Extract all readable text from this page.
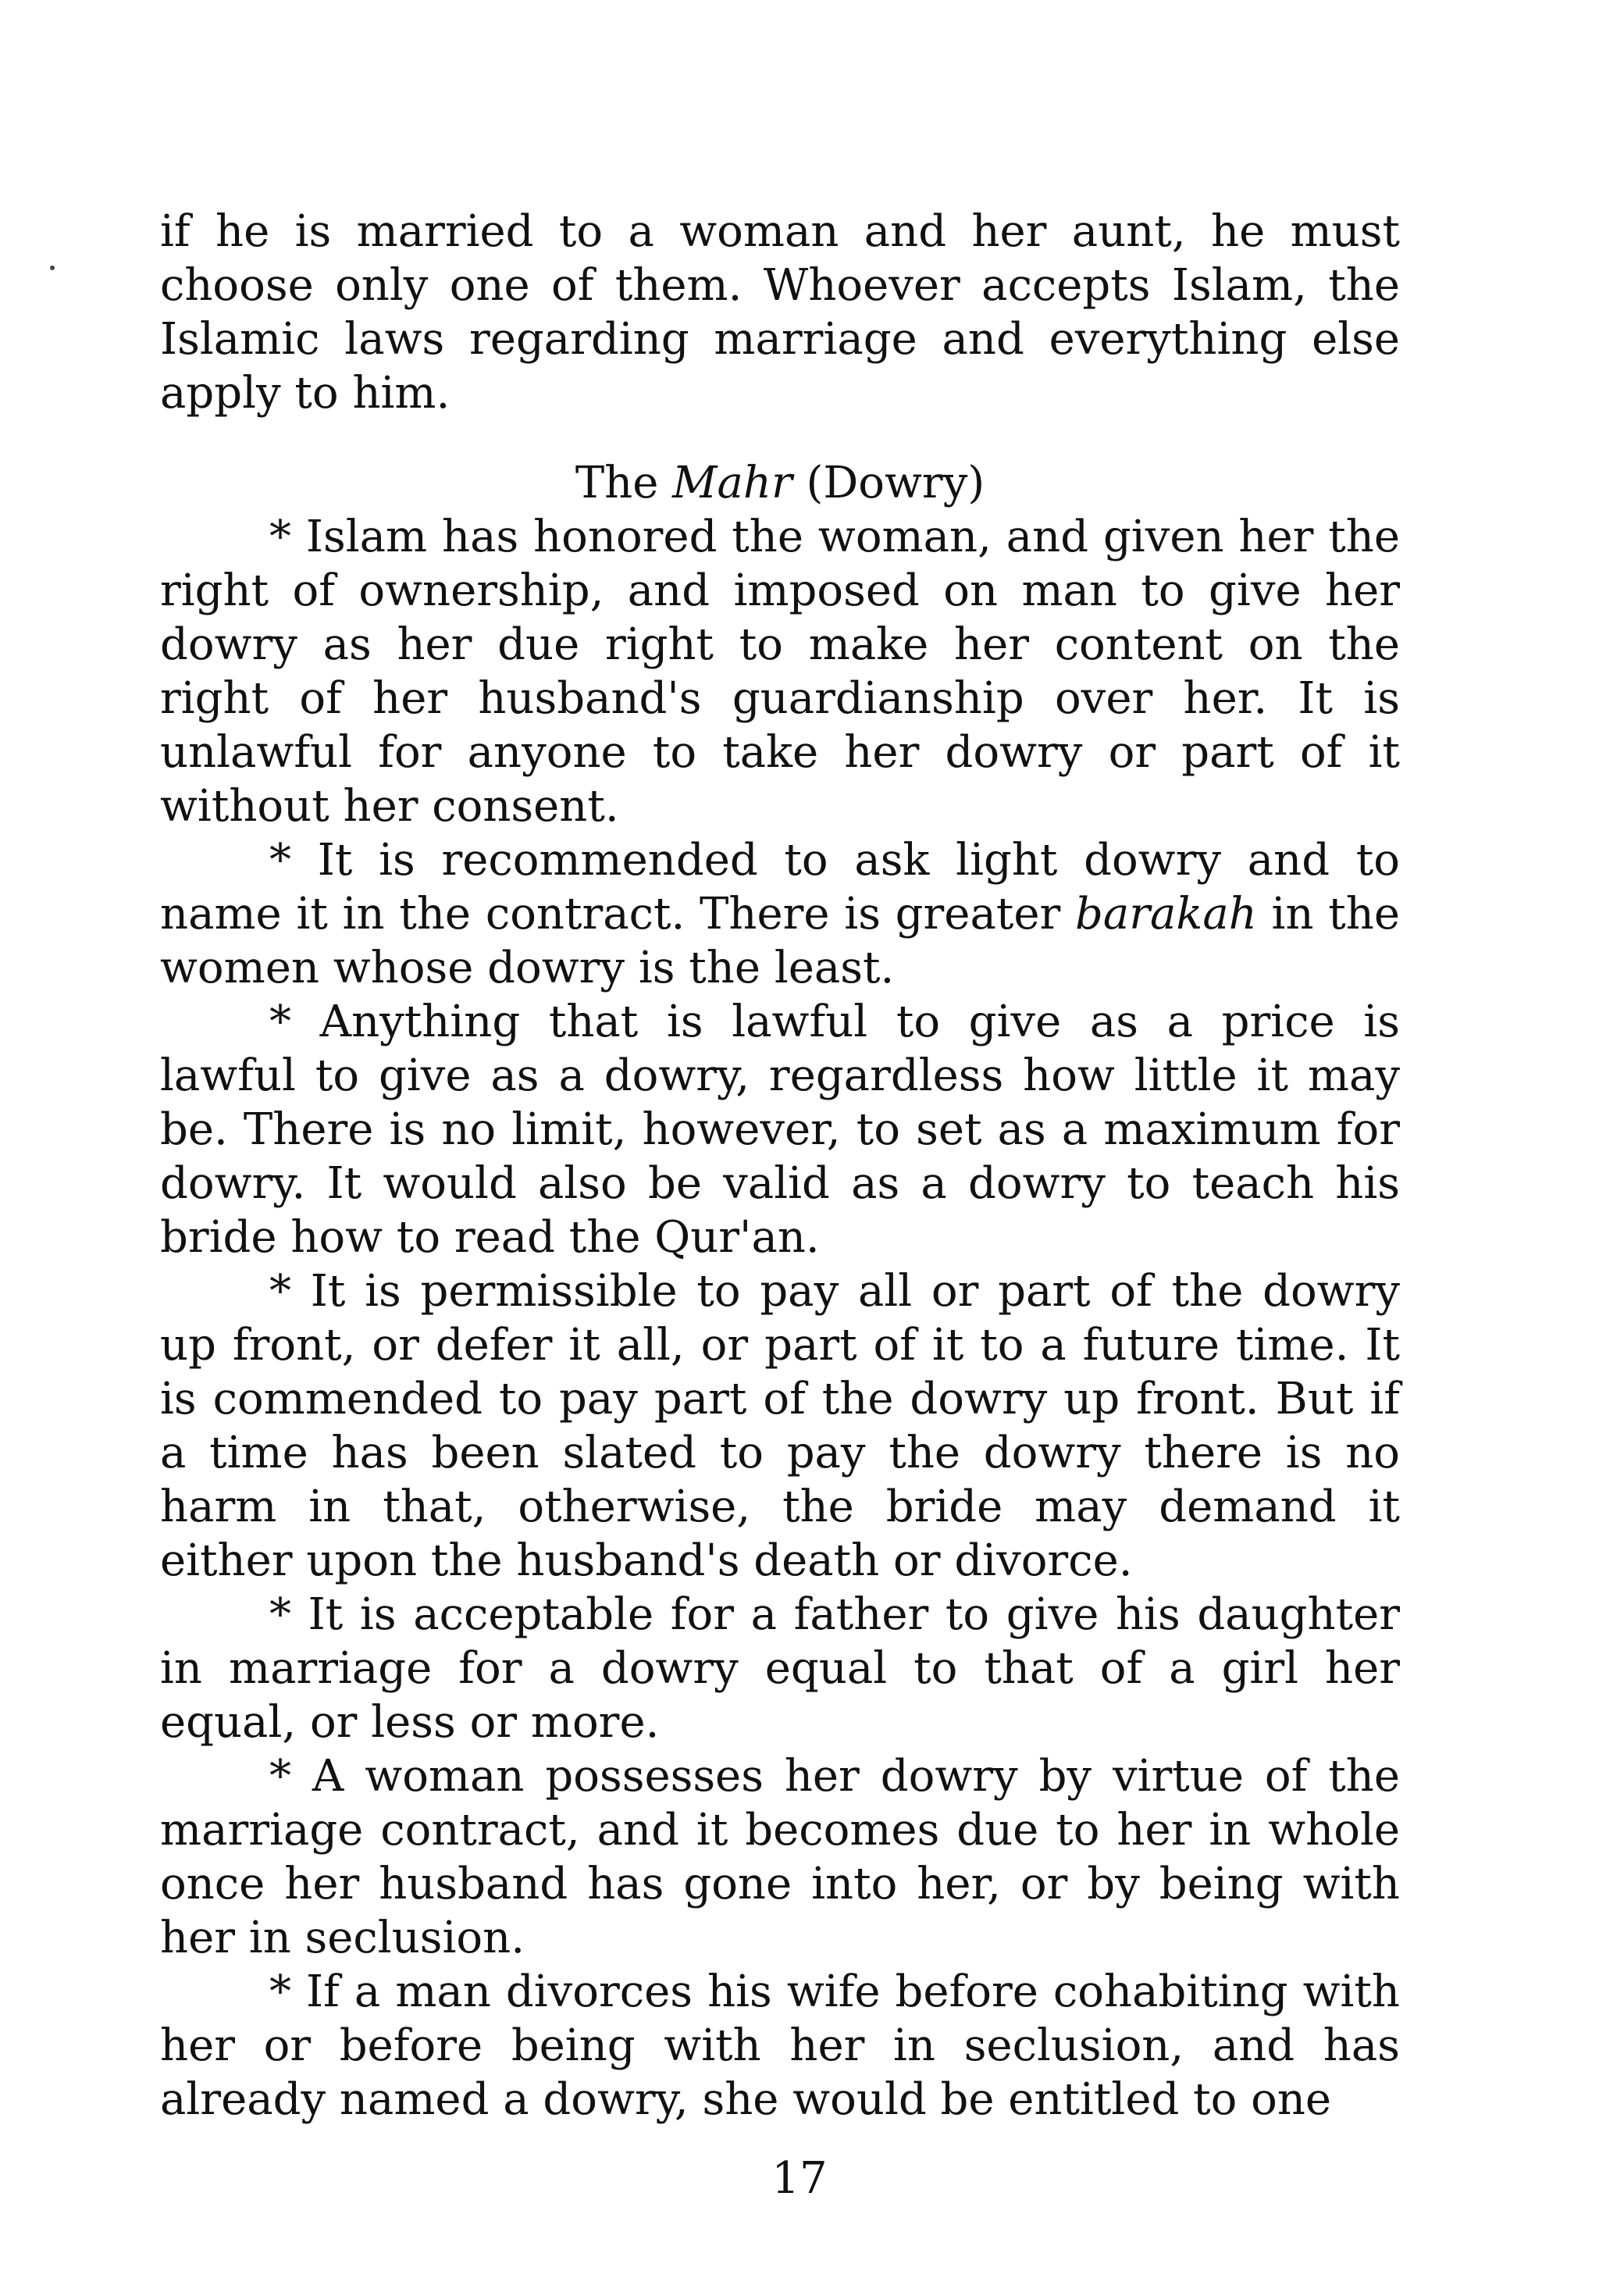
if he is married to a woman and her aunt, he must choose only one of them. Whoever accepts Islam, the Islamic laws regarding marriage and everything else apply to him.

The Mahr (Dowry)

* Islam has honored the woman, and given her the right of ownership, and imposed on man to give her dowry as her due right to make her content on the right of her husband's guardianship over her. It is unlawful for anyone to take her dowry or part of it without her consent.

* It is recommended to ask light dowry and to name it in the contract. There is greater barakah in the women whose dowry is the least.

* Anything that is lawful to give as a price is lawful to give as a dowry, regardless how little it may be. There is no limit, however, to set as a maximum for dowry. It would also be valid as a dowry to teach his bride how to read the Qur'an.

* It is permissible to pay all or part of the dowry up front, or defer it all, or part of it to a future time. It is commended to pay part of the dowry up front. But if a time has been slated to pay the dowry there is no harm in that, otherwise, the bride may demand it either upon the husband's death or divorce.

* It is acceptable for a father to give his daughter in marriage for a dowry equal to that of a girl her equal, or less or more.

* A woman possesses her dowry by virtue of the marriage contract, and it becomes due to her in whole once her husband has gone into her, or by being with her in seclusion.

* If a man divorces his wife before cohabiting with her or before being with her in seclusion, and has already named a dowry, she would be entitled to one

17
